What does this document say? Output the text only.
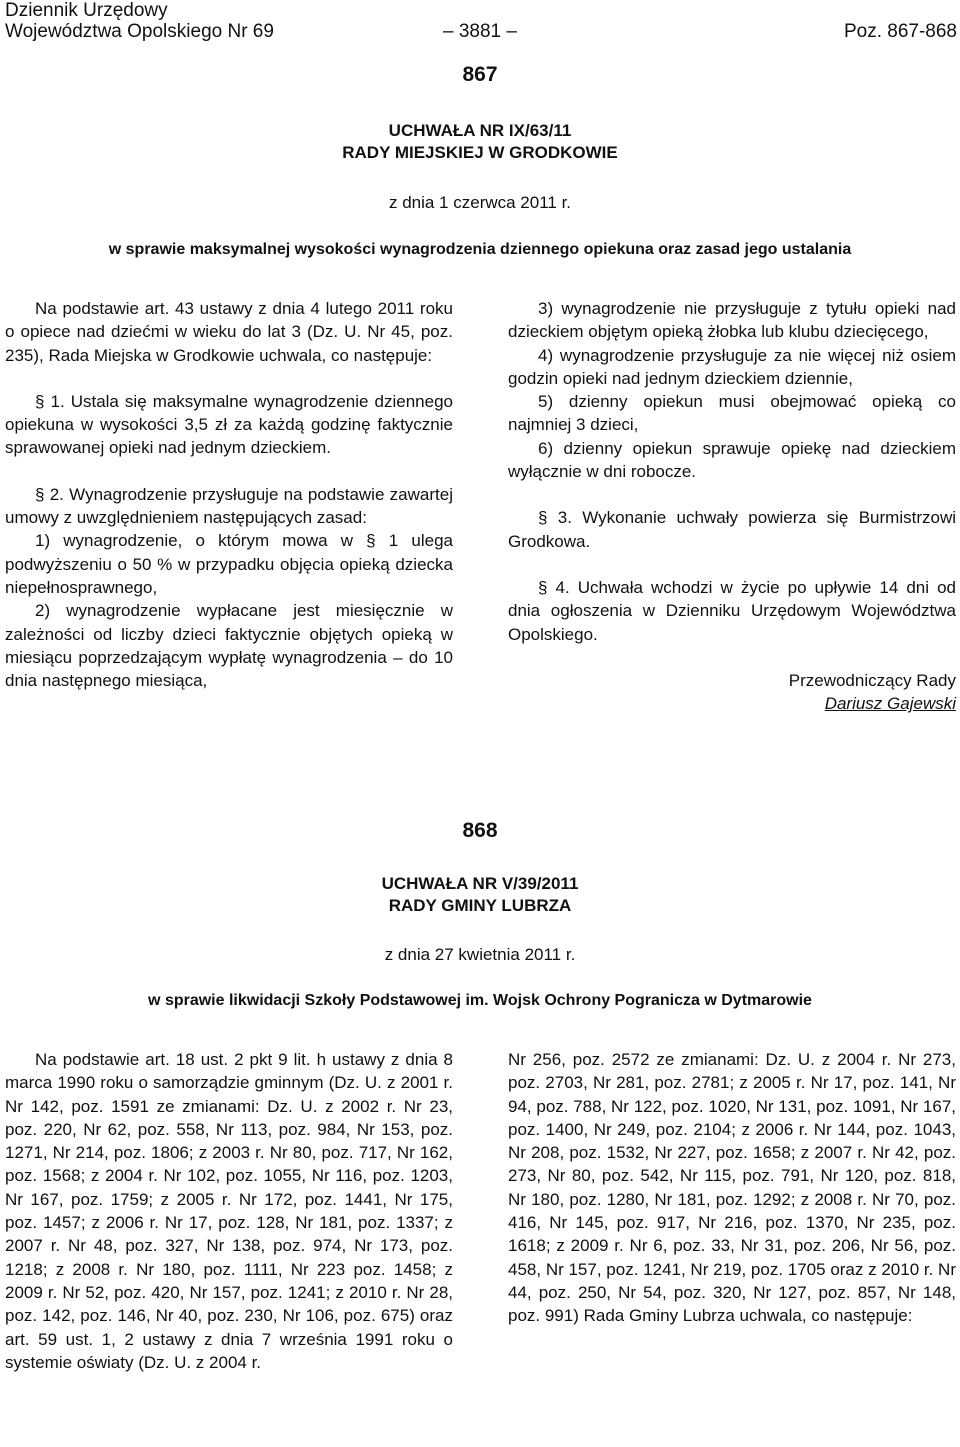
Dziennik Urzędowy
Województwa Opolskiego Nr 69	– 3881 –	Poz. 867-868
867
UCHWAŁA NR IX/63/11
RADY MIEJSKIEJ W GRODKOWIE
z dnia 1 czerwca 2011 r.
w sprawie maksymalnej wysokości wynagrodzenia dziennego opiekuna oraz zasad jego ustalania

Na podstawie art. 43 ustawy z dnia 4 lutego 2011 roku o opiece nad dziećmi w wieku do lat 3 (Dz. U. Nr 45, poz. 235), Rada Miejska w Grodkowie uchwala, co następuje:

§ 1. Ustala się maksymalne wynagrodzenie dziennego opiekuna w wysokości 3,5 zł za każdą godzinę faktycznie sprawowanej opieki nad jednym dzieckiem.

§ 2. Wynagrodzenie przysługuje na podstawie zawartej umowy z uwzględnieniem następujących zasad:

1) wynagrodzenie, o którym mowa w § 1 ulega podwyższeniu o 50 % w przypadku objęcia opieką dziecka niepełnosprawnego,

2) wynagrodzenie wypłacane jest miesięcznie w zależności od liczby dzieci faktycznie objętych opieką w miesiącu poprzedzającym wypłatę wynagrodzenia – do 10 dnia następnego miesiąca,

3) wynagrodzenie nie przysługuje z tytułu opieki nad dzieckiem objętym opieką żłobka lub klubu dziecięcego,

4) wynagrodzenie przysługuje za nie więcej niż osiem godzin opieki nad jednym dzieckiem dziennie,

5) dzienny opiekun musi obejmować opieką co najmniej 3 dzieci,

6) dzienny opiekun sprawuje opiekę nad dzieckiem wyłącznie w dni robocze.

§ 3. Wykonanie uchwały powierza się Burmistrzowi Grodkowa.

§ 4. Uchwała wchodzi w życie po upływie 14 dni od dnia ogłoszenia w Dzienniku Urzędowym Województwa Opolskiego.

Przewodniczący Rady

Dariusz Gajewski

868
UCHWAŁA NR V/39/2011
RADY GMINY LUBRZA
z dnia 27 kwietnia 2011 r.
w sprawie likwidacji Szkoły Podstawowej im. Wojsk Ochrony Pogranicza w Dytmarowie

Na podstawie art. 18 ust. 2 pkt 9 lit. h ustawy z dnia 8 marca 1990 roku o samorządzie gminnym (Dz. U. z 2001 r. Nr 142, poz. 1591 ze zmianami: Dz. U. z 2002 r. Nr 23, poz. 220, Nr 62, poz. 558, Nr 113, poz. 984, Nr 153, poz. 1271, Nr 214, poz. 1806; z 2003 r. Nr 80, poz. 717, Nr 162, poz. 1568; z 2004 r. Nr 102, poz. 1055, Nr 116, poz. 1203, Nr 167, poz. 1759; z 2005 r. Nr 172, poz. 1441, Nr 175, poz. 1457; z 2006 r. Nr 17, poz. 128, Nr 181, poz. 1337; z 2007 r. Nr 48, poz. 327, Nr 138, poz. 974, Nr 173, poz. 1218; z 2008 r. Nr 180, poz. 1111, Nr 223 poz. 1458; z 2009 r. Nr 52, poz. 420, Nr 157, poz. 1241; z 2010 r. Nr 28, poz. 142, poz. 146, Nr 40, poz. 230, Nr 106, poz. 675) oraz art. 59 ust. 1, 2 ustawy z dnia 7 września 1991 roku o systemie oświaty (Dz. U. z 2004 r.

Nr 256, poz. 2572 ze zmianami: Dz. U. z 2004 r. Nr 273, poz. 2703, Nr 281, poz. 2781; z 2005 r. Nr 17, poz. 141, Nr 94, poz. 788, Nr 122, poz. 1020, Nr 131, poz. 1091, Nr 167, poz. 1400, Nr 249, poz. 2104; z 2006 r. Nr 144, poz. 1043, Nr 208, poz. 1532, Nr 227, poz. 1658; z 2007 r. Nr 42, poz. 273, Nr 80, poz. 542, Nr 115, poz. 791, Nr 120, poz. 818, Nr 180, poz. 1280, Nr 181, poz. 1292; z 2008 r. Nr 70, poz. 416, Nr 145, poz. 917, Nr 216, poz. 1370, Nr 235, poz. 1618; z 2009 r. Nr 6, poz. 33, Nr 31, poz. 206, Nr 56, poz. 458, Nr 157, poz. 1241, Nr 219, poz. 1705 oraz z 2010 r. Nr 44, poz. 250, Nr 54, poz. 320, Nr 127, poz. 857, Nr 148, poz. 991) Rada Gminy Lubrza uchwala, co następuje:
